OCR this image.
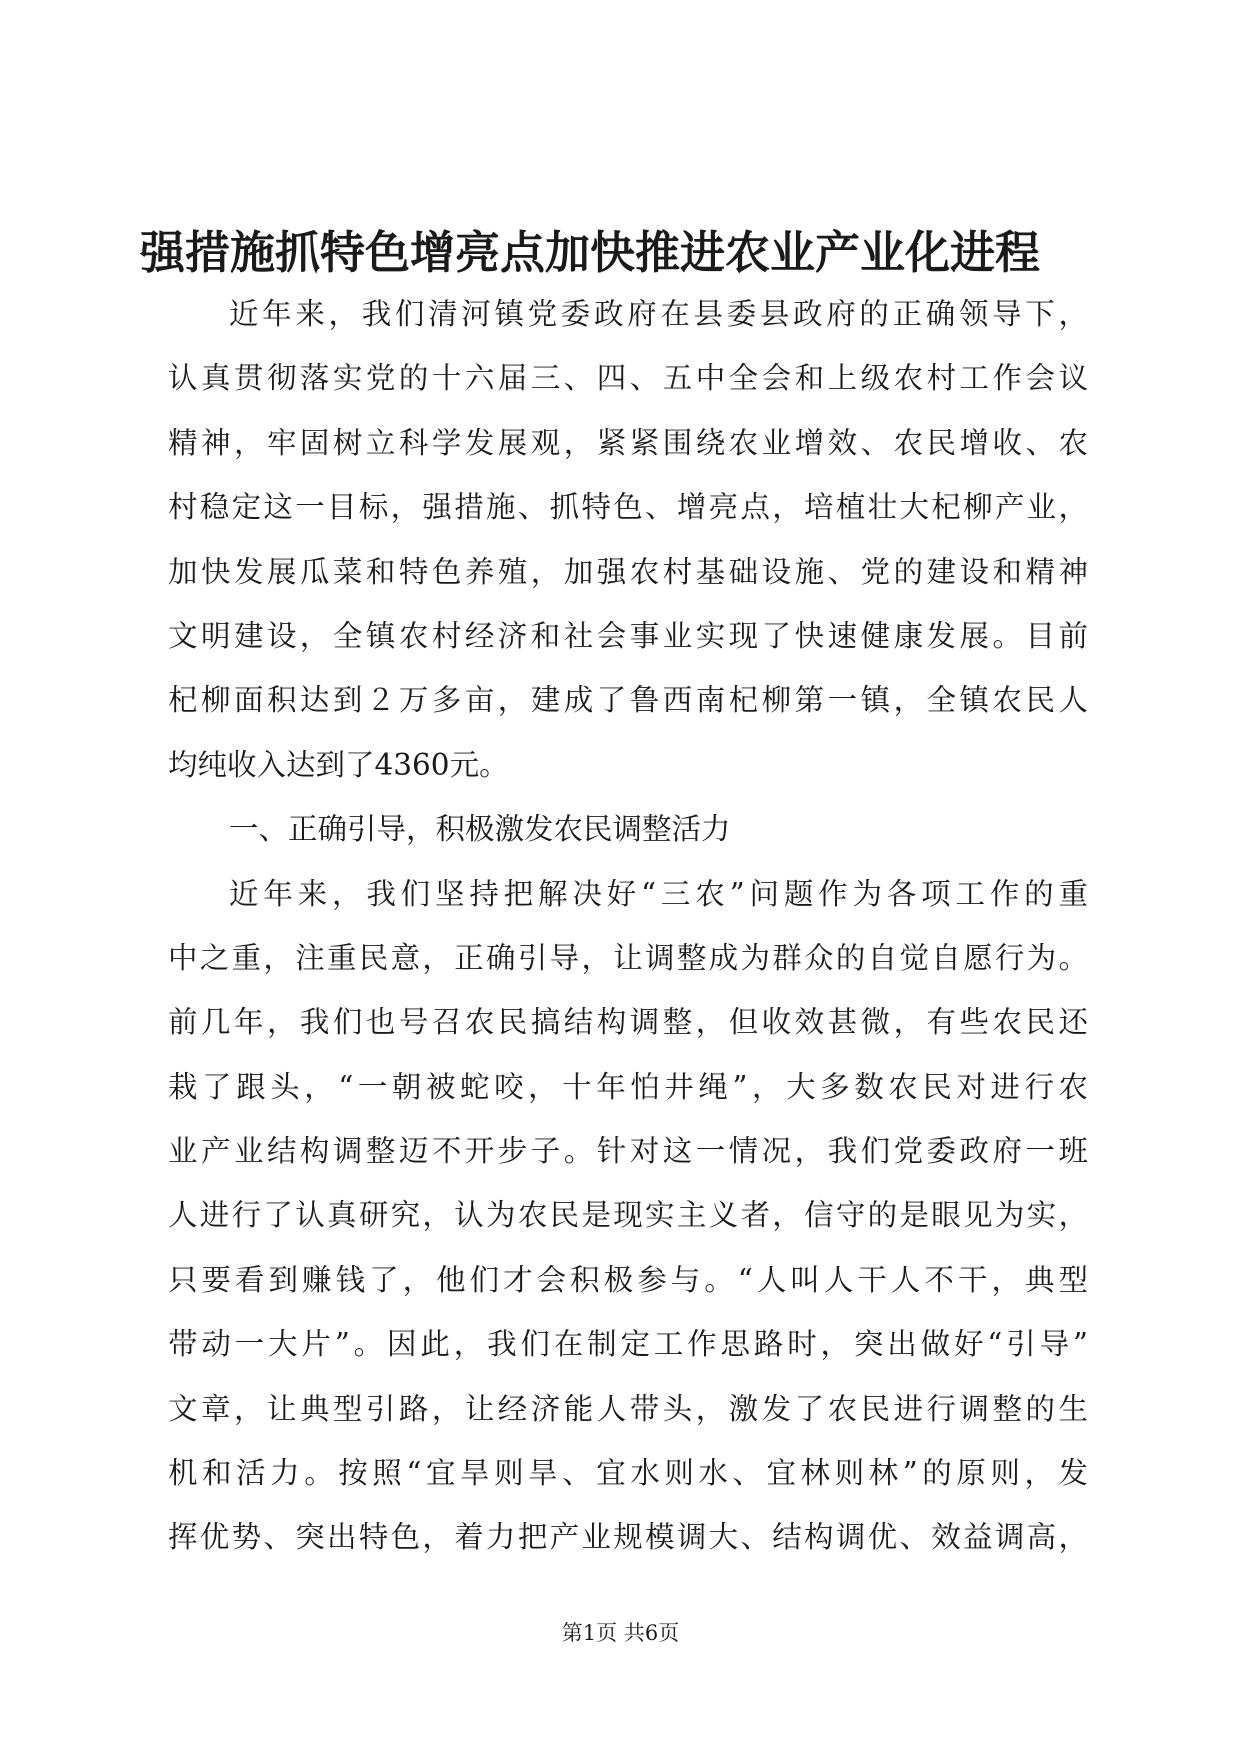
强措施抓特色增亮点加快推进农业产业化进程
近年来，我们清河镇党委政府在县委县政府的正确领导下，
认真贯彻落实党的十六届三、四、五中全会和上级农村工作会议
精神，牢固树立科学发展观，紧紧围绕农业增效、农民增收、农
村稳定这一目标，强措施、抓特色、增亮点，培植壮大杞柳产业，
加快发展瓜菜和特色养殖，加强农村基础设施、党的建设和精神
文明建设，全镇农村经济和社会事业实现了快速健康发展。目前
杞柳面积达到２万多亩，建成了鲁西南杞柳第一镇，全镇农民人
均纯收入达到了4360元。
一、正确引导，积极激发农民调整活力
近年来，我们坚持把解决好“三农”问题作为各项工作的重
中之重，注重民意，正确引导，让调整成为群众的自觉自愿行为。
前几年，我们也号召农民搞结构调整，但收效甚微，有些农民还
栽了跟头，“一朝被蛇咬，十年怕井绳”，大多数农民对进行农
业产业结构调整迈不开步子。针对这一情况，我们党委政府一班
人进行了认真研究，认为农民是现实主义者，信守的是眼见为实，
只要看到赚钱了，他们才会积极参与。“人叫人干人不干，典型
带动一大片”。因此，我们在制定工作思路时，突出做好“引导”
文章，让典型引路，让经济能人带头，激发了农民进行调整的生
机和活力。按照“宜旱则旱、宜水则水、宜林则林”的原则，发
挥优势、突出特色，着力把产业规模调大、结构调优、效益调高，
第1页 共6页
